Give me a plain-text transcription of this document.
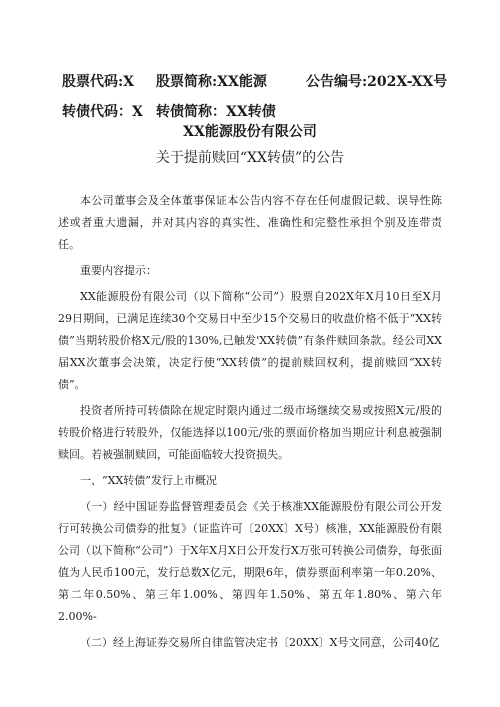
股票代码:X	股票简称:XX能源	公告编号:202X-XX号
转债代码：X 转债简称：XX转债
XX能源股份有限公司
关于提前赎回“XX转债”的公告

本公司董事会及全体董事保证本公告内容不存在任何虚假记载、误导性陈述或者重大遗漏，并对其内容的真实性、准确性和完整性承担个别及连带责任。

重要内容提示：

XX能源股份有限公司（以下简称“公司”）股票自202X年X月10日至X月29日期间，已满足连续30个交易日中至少15个交易日的收盘价格不低于“XX转债”当期转股价格X元/股的130%,已触发'XX转债”有条件赎回条款。经公司XX届XX次董事会决策，决定行使“XX转债”的提前赎回权利，提前赎回“XX转债”。

投资者所持可转债除在规定时限内通过二级市场继续交易或按照X元/股的转股价格进行转股外，仅能选择以100元/张的票面价格加当期应计利息被强制赎回。若被强制赎回，可能面临较大投资损失。

一、“XX转债”发行上市概况

（一）经中国证券监督管理委员会《关于核准XX能源股份有限公司公开发行可转换公司债券的批复》（证监许可〔20XX〕X号）核准，XX能源股份有限公司（以下简称“公司”）于X年X月X日公开发行X万张可转换公司债券，每张面值为人民币100元，发行总数X亿元，期限6年，债券票面利率第一年0.20%、第二年0.50%、第三年1.00%、第四年1.50%、第五年1.80%、第六年2.00%-

（二）经上海证券交易所自律监管决定书〔20XX〕X号文同意，公司40亿
